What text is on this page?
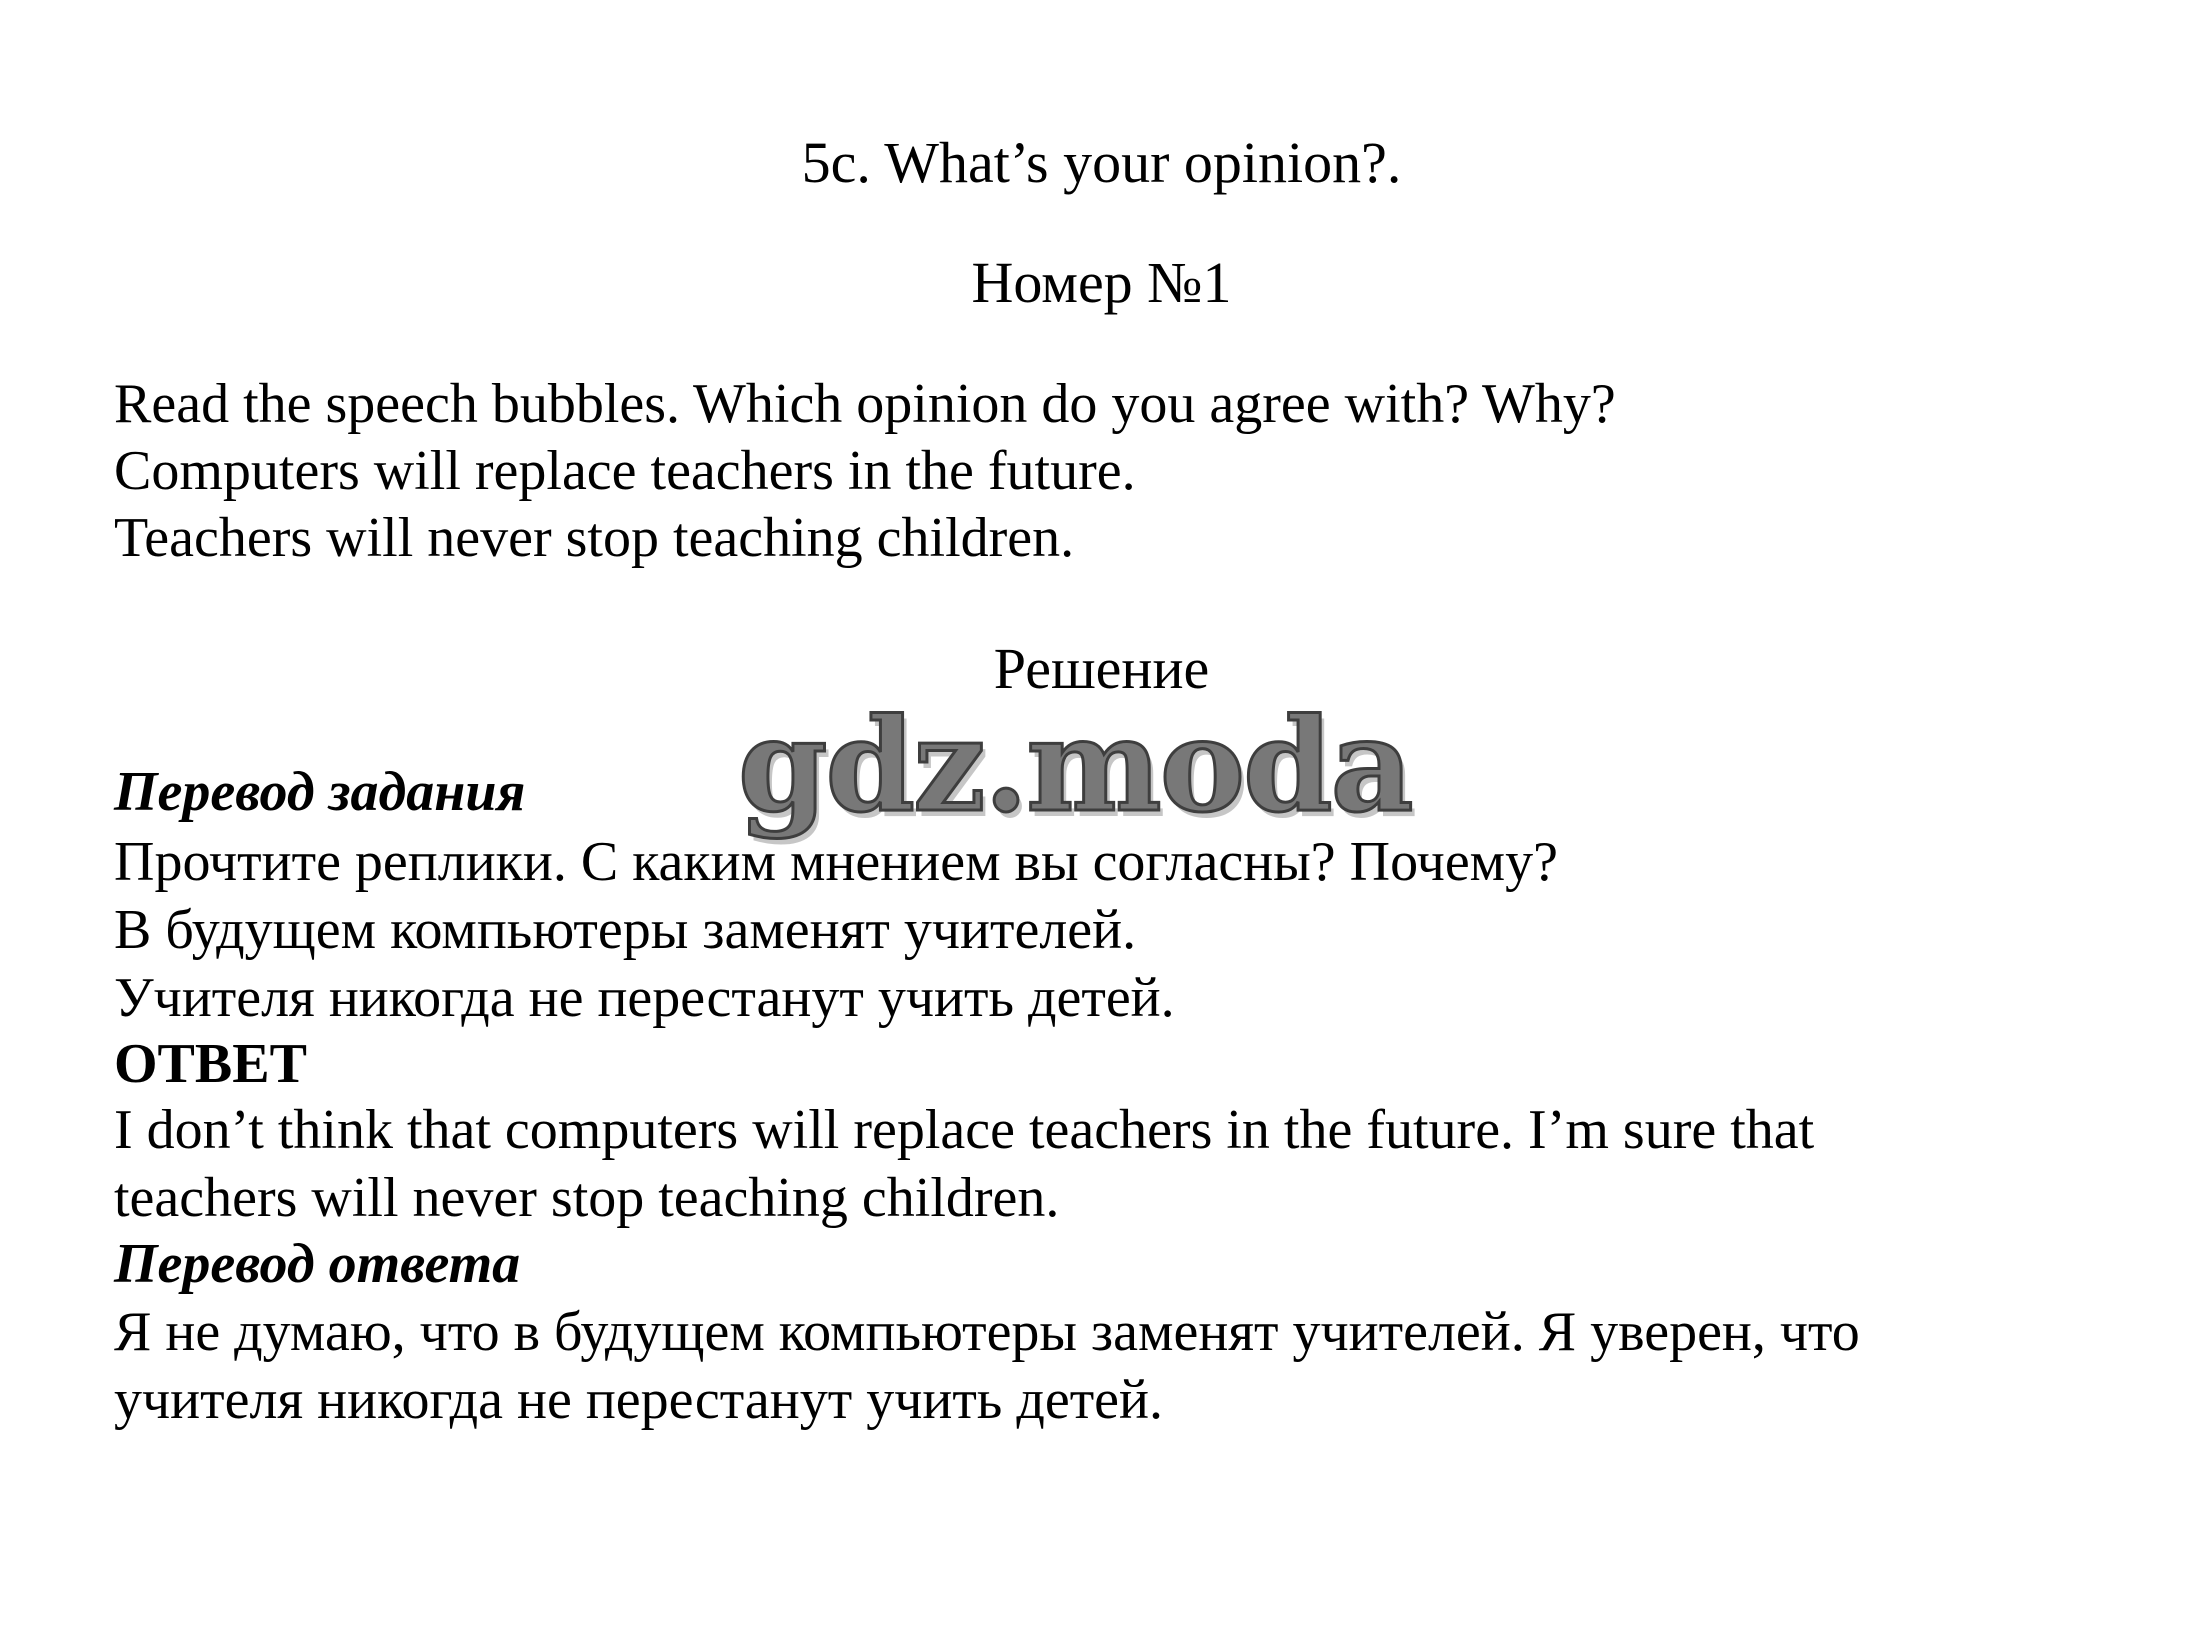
5c. What’s your opinion?.
Номер №1
Read the speech bubbles. Which opinion do you agree with? Why?
Computers will replace teachers in the future.
Teachers will never stop teaching children.
Решение
gdz.moda
Перевод задания
Прочтите реплики. С каким мнением вы согласны? Почему?
В будущем компьютеры заменят учителей.
Учителя никогда не перестанут учить детей.
ОТВЕТ
I don’t think that computers will replace teachers in the future. I’m sure that
teachers will never stop teaching children.
Перевод ответа
Я не думаю, что в будущем компьютеры заменят учителей. Я уверен, что
учителя никогда не перестанут учить детей.
